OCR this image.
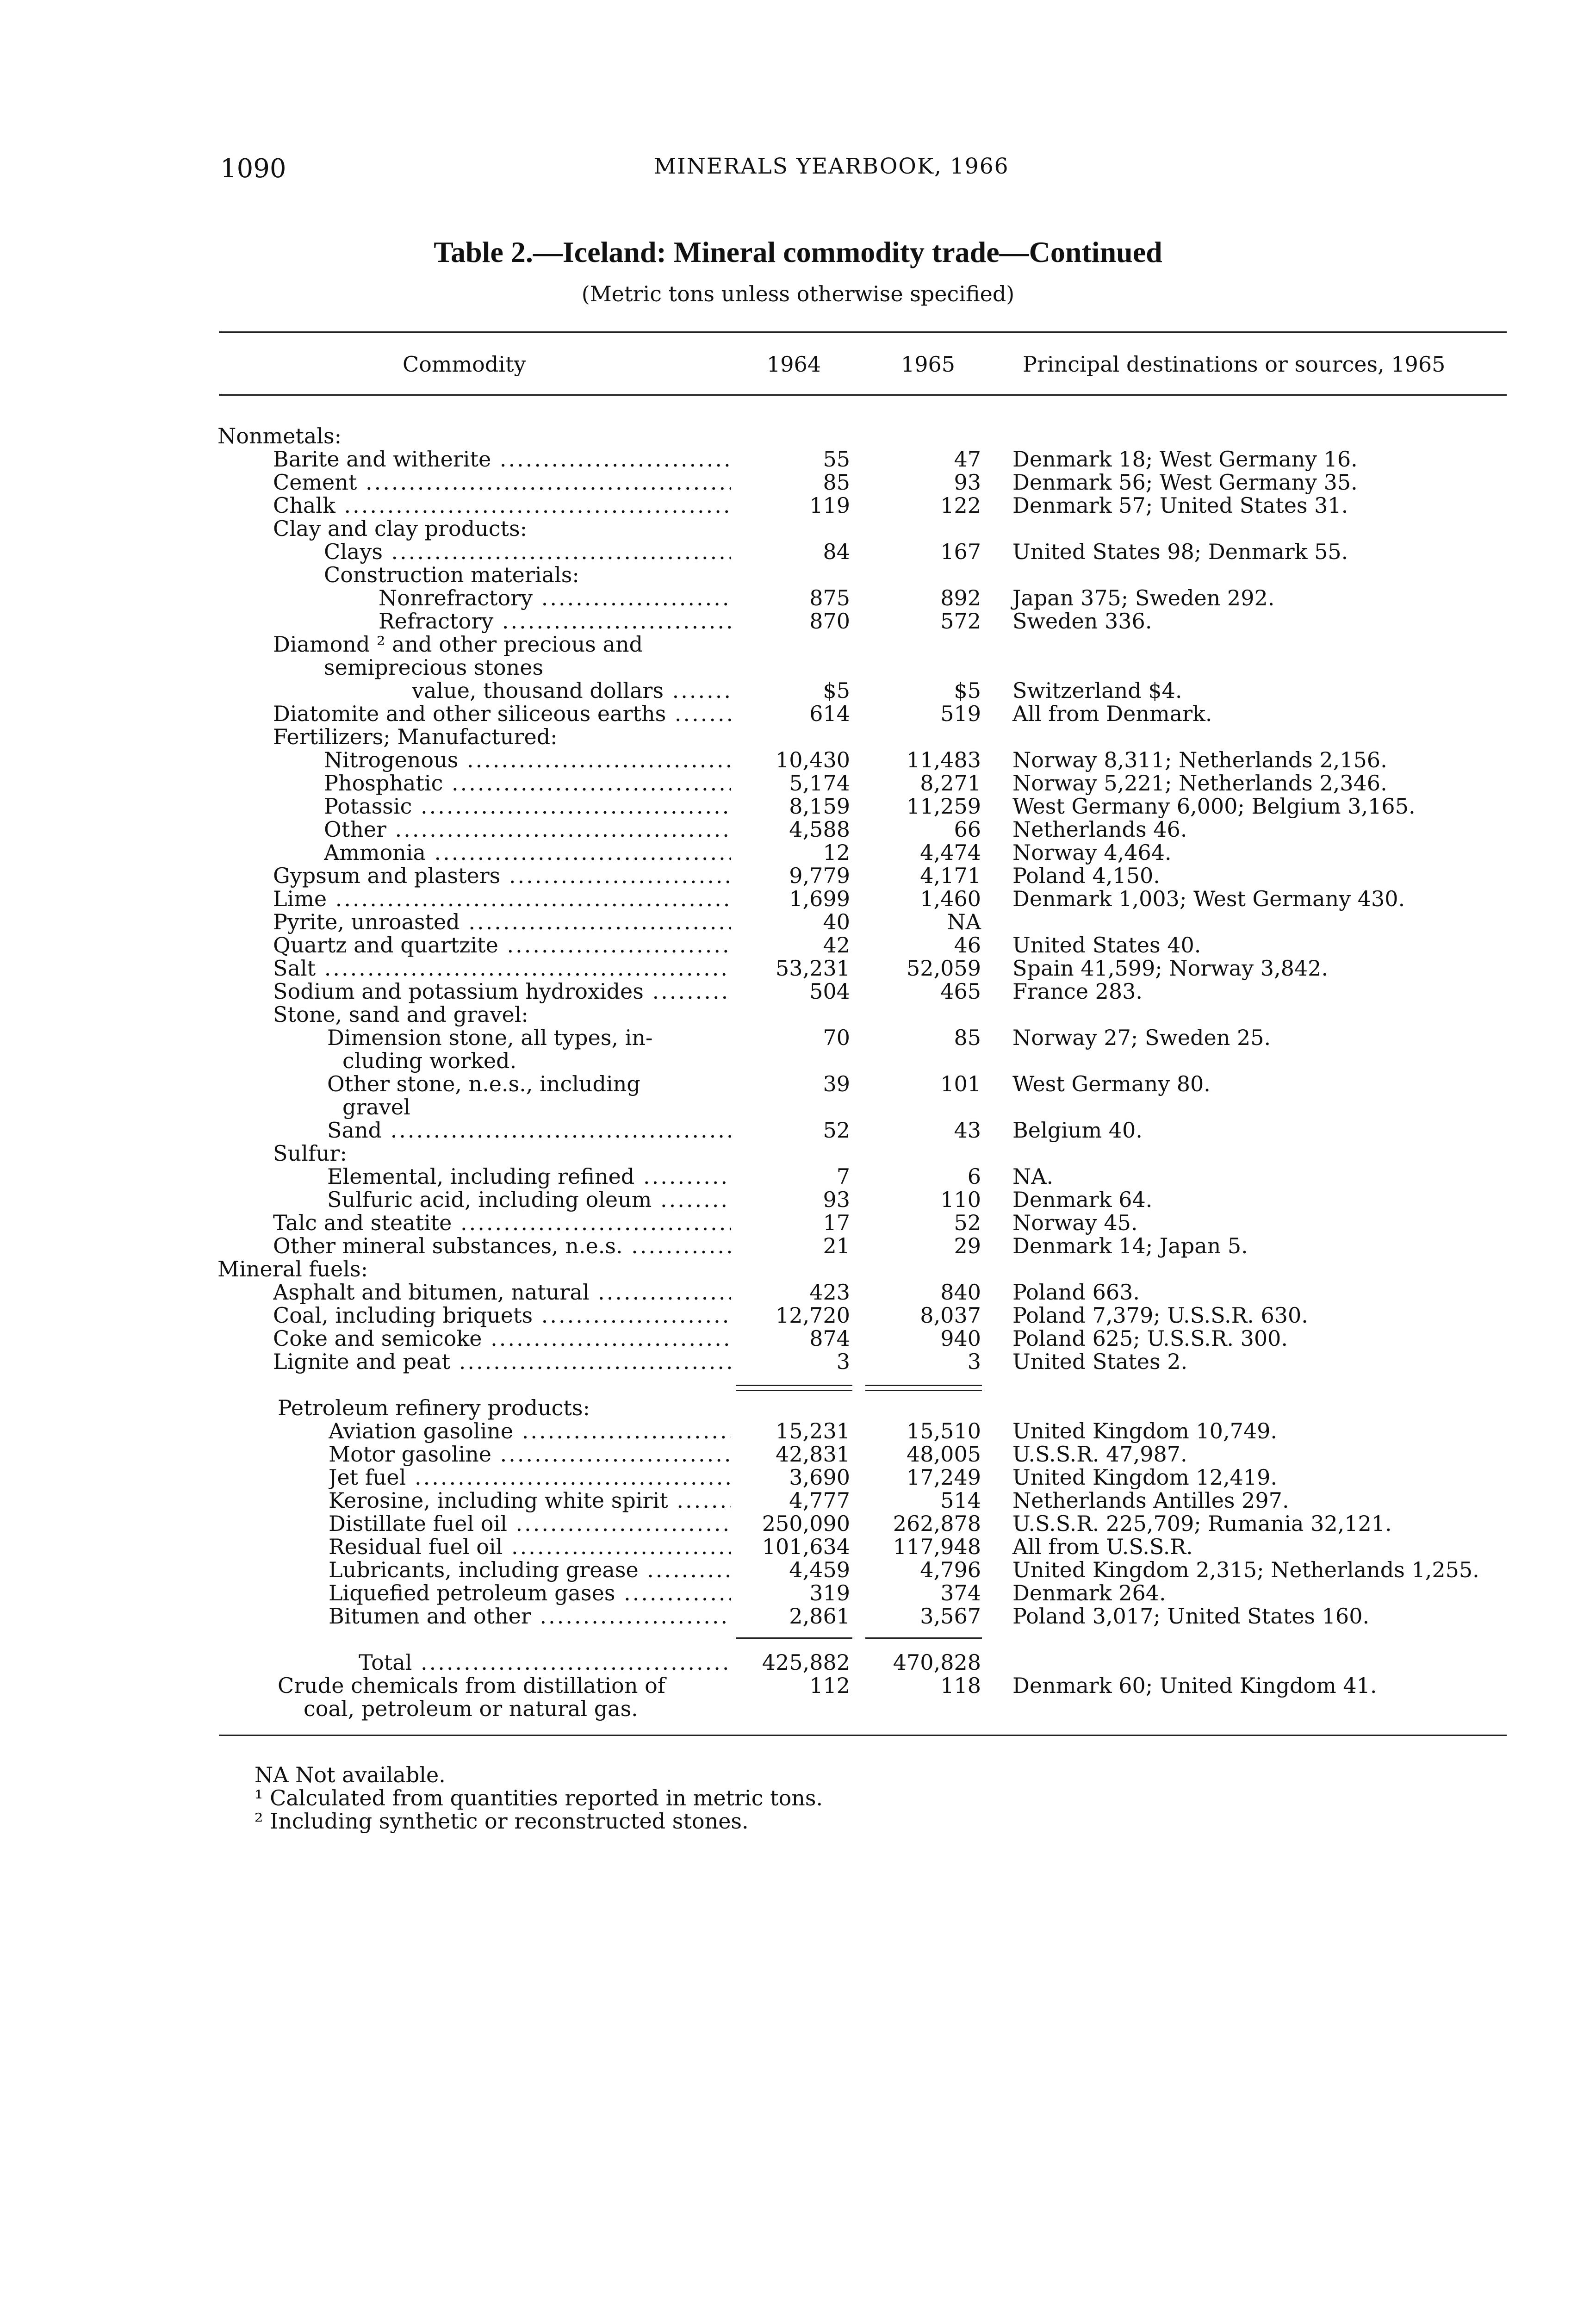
1090	MINERALS YEARBOOK, 1966
Table 2.—Iceland: Mineral commodity trade—Continued
(Metric tons unless otherwise specified)
Commodity	1964	1965	Principal destinations or sources, 1965
Nonmetals:
Barite and witherite .....	55	47 Denmark 18; West Germany 16.
Cement .....	85	93 Denmark 56; West Germany 35.
Chalk .....	119	122 Denmark 57; United States 31.
Clay and clay products:
Clays .....	84	167 United States 98; Denmark 55.
Construction materials:
Nonrefractory .....	875	892 Japan 375; Sweden 292.
Refractory .....	870	572 Sweden 336.
Diamond ² and other precious and
semiprecious stones
value, thousand dollars .....	$5	$5 Switzerland $4.
Diatomite and other siliceous earths .....	614	519 All from Denmark.
Fertilizers; Manufactured:
Nitrogenous .....	10,430	11,483 Norway 8,311; Netherlands 2,156.
Phosphatic .....	5,174	8,271 Norway 5,221; Netherlands 2,346.
Potassic .....	8,159	11,259 West Germany 6,000; Belgium 3,165.
Other .....	4,588	66 Netherlands 46.
Ammonia .....	12	4,474 Norway 4,464.
Gypsum and plasters .....	9,779	4,171 Poland 4,150.
Lime .....	1,699	1,460 Denmark 1,003; West Germany 430.
Pyrite, unroasted .....	40	NA
Quartz and quartzite .....	42	46 United States 40.
Salt .....	53,231	52,059 Spain 41,599; Norway 3,842.
Sodium and potassium hydroxides .....	504	465 France 283.
Stone, sand and gravel:
Dimension stone, all types, in-	70	85 Norway 27; Sweden 25.
cluding worked.
Other stone, n.e.s., including	39	101 West Germany 80.
gravel
Sand .....	52	43 Belgium 40.
Sulfur:
Elemental, including refined .....	7	6 NA.
Sulfuric acid, including oleum .....	93	110 Denmark 64.
Talc and steatite .....	17	52 Norway 45.
Other mineral substances, n.e.s. .....	21	29 Denmark 14; Japan 5.
Mineral fuels:
Asphalt and bitumen, natural .....	423	840 Poland 663.
Coal, including briquets .....	12,720	8,037 Poland 7,379; U.S.S.R. 630.
Coke and semicoke .....	874	940 Poland 625; U.S.S.R. 300.
Lignite and peat .....	3	3 United States 2.
Petroleum refinery products:
Aviation gasoline .....	15,231	15,510 United Kingdom 10,749.
Motor gasoline .....	42,831	48,005 U.S.S.R. 47,987.
Jet fuel .....	3,690	17,249 United Kingdom 12,419.
Kerosine, including white spirit .....	4,777	514 Netherlands Antilles 297.
Distillate fuel oil .....	250,090	262,878 U.S.S.R. 225,709; Rumania 32,121.
Residual fuel oil .....	101,634	117,948 All from U.S.S.R.
Lubricants, including grease .....	4,459	4,796 United Kingdom 2,315; Netherlands 1,255.
Liquefied petroleum gases .....	319	374 Denmark 264.
Bitumen and other .....	2,861	3,567 Poland 3,017; United States 160.
Total .....	425,882	470,828
Crude chemicals from distillation of	112	118 Denmark 60; United Kingdom 41.
coal, petroleum or natural gas.
NA Not available.
¹ Calculated from quantities reported in metric tons.
² Including synthetic or reconstructed stones.
